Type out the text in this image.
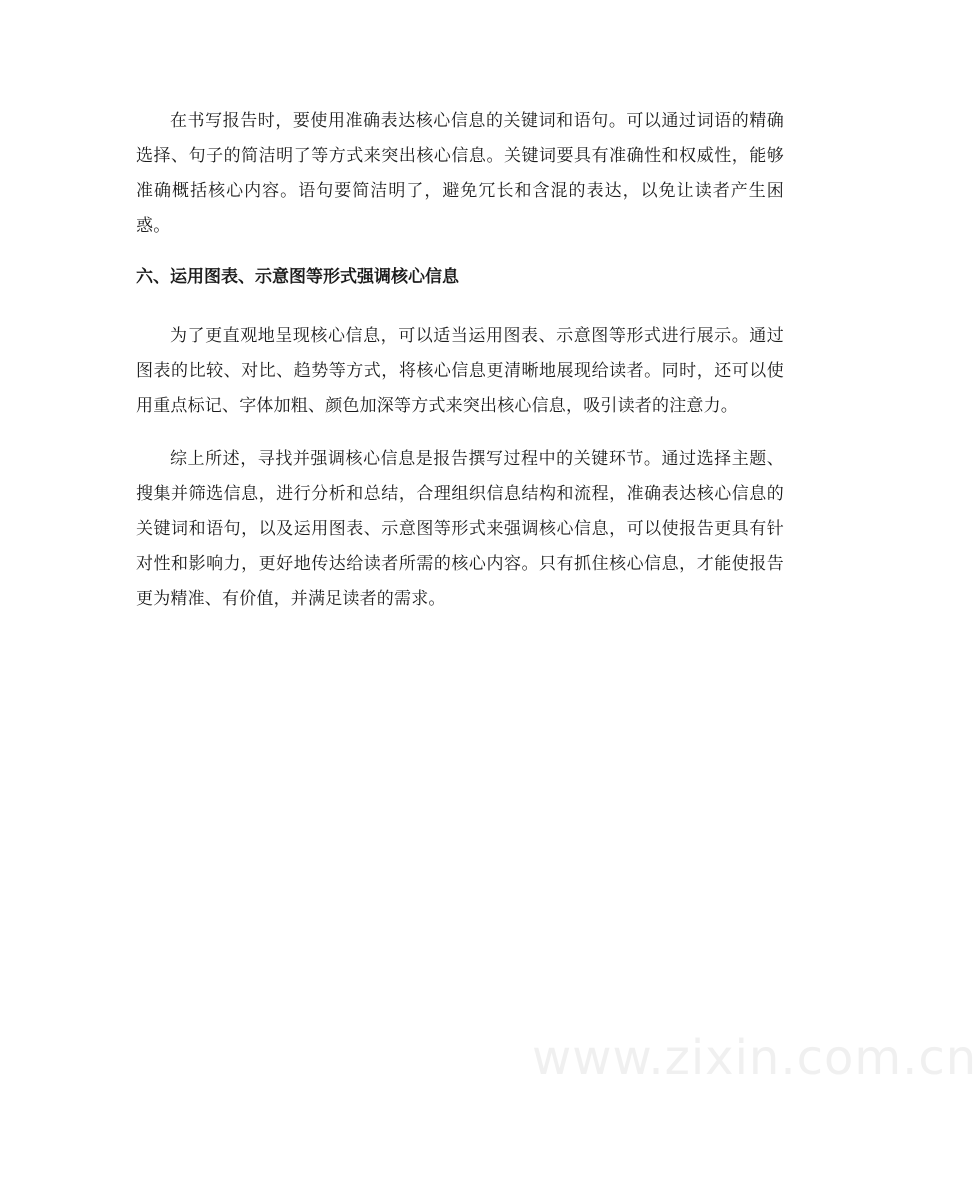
在书写报告时，要使用准确表达核心信息的关键词和语句。可以通过词语的精确选择、句子的简洁明了等方式来突出核心信息。关键词要具有准确性和权威性，能够准确概括核心内容。语句要简洁明了，避免冗长和含混的表达，以免让读者产生困惑。

六、运用图表、示意图等形式强调核心信息

为了更直观地呈现核心信息，可以适当运用图表、示意图等形式进行展示。通过图表的比较、对比、趋势等方式，将核心信息更清晰地展现给读者。同时，还可以使用重点标记、字体加粗、颜色加深等方式来突出核心信息，吸引读者的注意力。

综上所述，寻找并强调核心信息是报告撰写过程中的关键环节。通过选择主题、搜集并筛选信息，进行分析和总结，合理组织信息结构和流程，准确表达核心信息的关键词和语句，以及运用图表、示意图等形式来强调核心信息，可以使报告更具有针对性和影响力，更好地传达给读者所需的核心内容。只有抓住核心信息，才能使报告更为精准、有价值，并满足读者的需求。

www.zixin.com.cn
